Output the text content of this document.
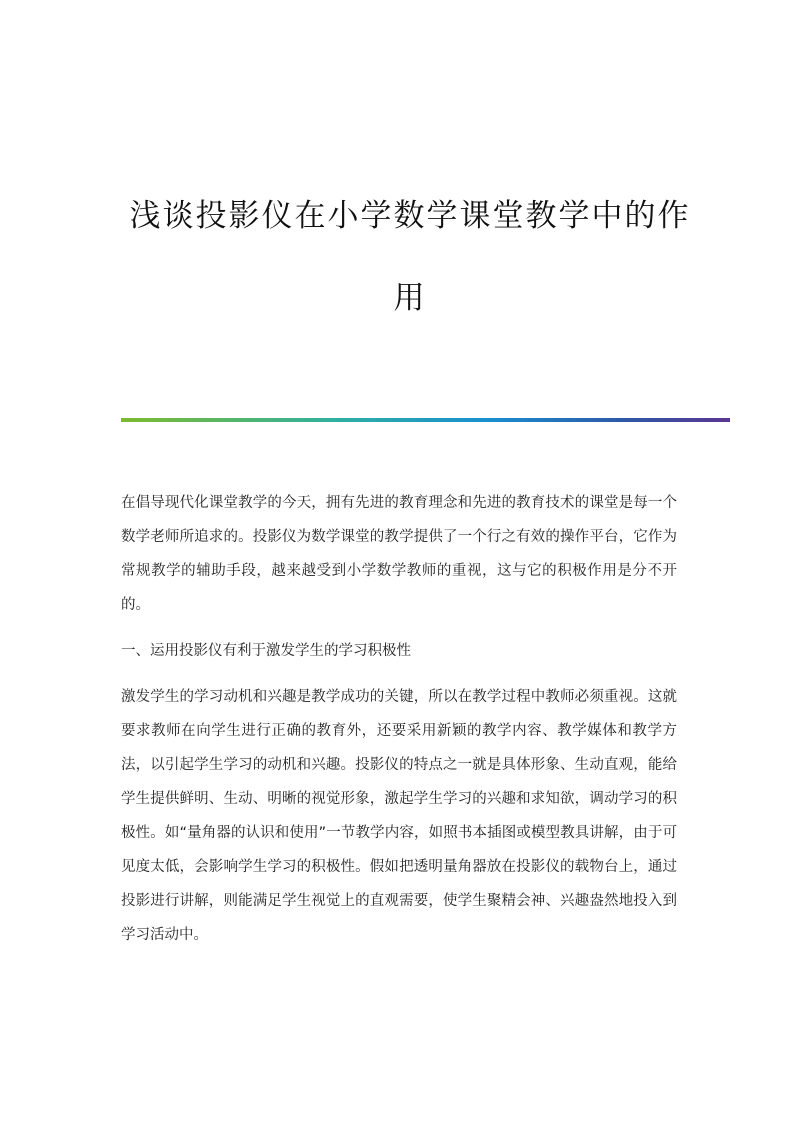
浅谈投影仪在小学数学课堂教学中的作
用

在倡导现代化课堂教学的今天，拥有先进的教育理念和先进的教育技术的课堂是每一个数学老师所追求的。投影仪为数学课堂的教学提供了一个行之有效的操作平台，它作为常规教学的辅助手段，越来越受到小学数学教师的重视，这与它的积极作用是分不开的。

一、运用投影仪有利于激发学生的学习积极性

激发学生的学习动机和兴趣是教学成功的关键，所以在教学过程中教师必须重视。这就要求教师在向学生进行正确的教育外，还要采用新颖的教学内容、教学媒体和教学方法，以引起学生学习的动机和兴趣。投影仪的特点之一就是具体形象、生动直观，能给学生提供鲜明、生动、明晰的视觉形象，激起学生学习的兴趣和求知欲，调动学习的积极性。如“量角器的认识和使用”一节教学内容，如照书本插图或模型教具讲解，由于可见度太低，会影响学生学习的积极性。假如把透明量角器放在投影仪的载物台上，通过投影进行讲解，则能满足学生视觉上的直观需要，使学生聚精会神、兴趣盎然地投入到学习活动中。
